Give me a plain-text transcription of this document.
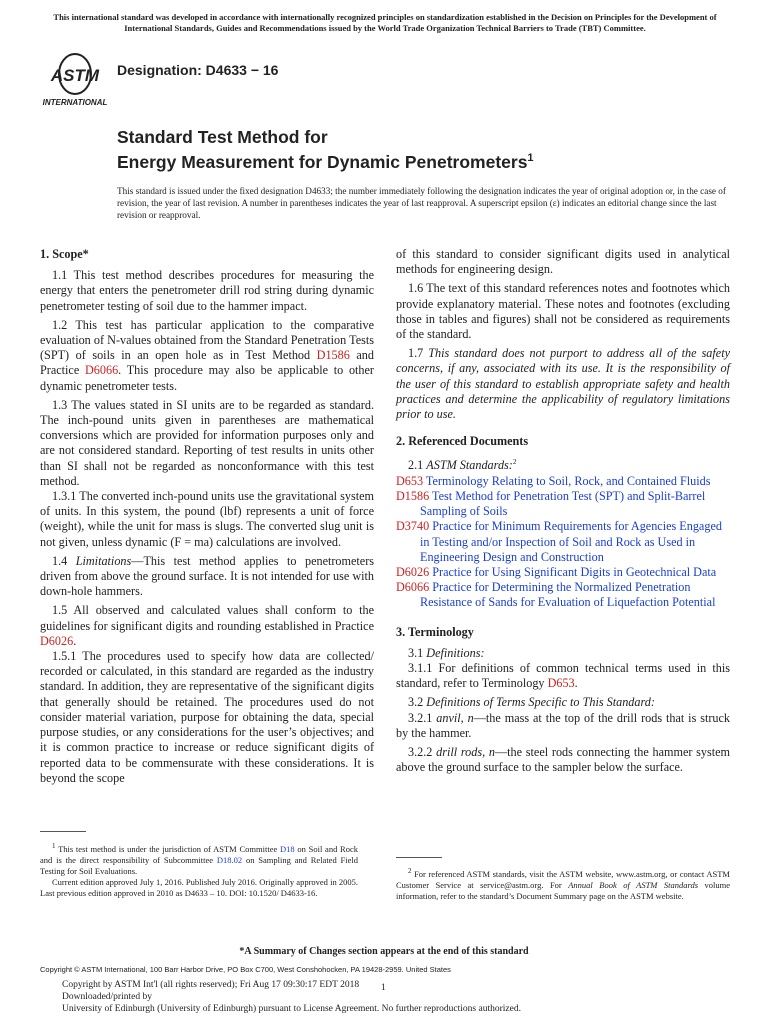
This international standard was developed in accordance with internationally recognized principles on standardization established in the Decision on Principles for the Development of International Standards, Guides and Recommendations issued by the World Trade Organization Technical Barriers to Trade (TBT) Committee.
ASTM
INTERNATIONAL
Designation: D4633 − 16
Standard Test Method for
Energy Measurement for Dynamic Penetrometers$^1$
This standard is issued under the fixed designation D4633; the number immediately following the designation indicates the year of original adoption or, in the case of revision, the year of last revision. A number in parentheses indicates the year of last reapproval. A superscript epsilon (ε) indicates an editorial change since the last revision or reapproval.

1. Scope*

1.1 This test method describes procedures for measuring the energy that enters the penetrometer drill rod string during dynamic penetrometer testing of soil due to the hammer impact.

1.2 This test has particular application to the comparative evaluation of N-values obtained from the Standard Penetration Tests (SPT) of soils in an open hole as in Test Method D1586 and Practice D6066. This procedure may also be applicable to other dynamic penetrometer tests.

1.3 The values stated in SI units are to be regarded as standard. The inch-pound units given in parentheses are mathematical conversions which are provided for information purposes only and are not considered standard. Reporting of test results in units other than SI shall not be regarded as nonconformance with this test method.

1.3.1 The converted inch-pound units use the gravitational system of units. In this system, the pound (lbf) represents a unit of force (weight), while the unit for mass is slugs. The converted slug unit is not given, unless dynamic (F = ma) calculations are involved.

1.4 Limitations—This test method applies to penetrometers driven from above the ground surface. It is not intended for use with down-hole hammers.

1.5 All observed and calculated values shall conform to the guidelines for significant digits and rounding established in Practice D6026.

1.5.1 The procedures used to specify how data are collected/ recorded or calculated, in this standard are regarded as the industry standard. In addition, they are representative of the significant digits that generally should be retained. The procedures used do not consider material variation, purpose for obtaining the data, special purpose studies, or any considerations for the user’s objectives; and it is common practice to increase or reduce significant digits of reported data to be commensurate with these considerations. It is beyond the scope

of this standard to consider significant digits used in analytical methods for engineering design.

1.6 The text of this standard references notes and footnotes which provide explanatory material. These notes and footnotes (excluding those in tables and figures) shall not be considered as requirements of the standard.

1.7 This standard does not purport to address all of the safety concerns, if any, associated with its use. It is the responsibility of the user of this standard to establish appropriate safety and health practices and determine the applicability of regulatory limitations prior to use.

2. Referenced Documents

2.1 ASTM Standards:$^2$

D653 Terminology Relating to Soil, Rock, and Contained Fluids

D1586 Test Method for Penetration Test (SPT) and Split-Barrel Sampling of Soils

D3740 Practice for Minimum Requirements for Agencies Engaged in Testing and/or Inspection of Soil and Rock as Used in Engineering Design and Construction

D6026 Practice for Using Significant Digits in Geotechnical Data

D6066 Practice for Determining the Normalized Penetration Resistance of Sands for Evaluation of Liquefaction Potential

3. Terminology

3.1 Definitions:

3.1.1 For definitions of common technical terms used in this standard, refer to Terminology D653.

3.2 Definitions of Terms Specific to This Standard:

3.2.1 anvil, n—the mass at the top of the drill rods that is struck by the hammer.

3.2.2 drill rods, n—the steel rods connecting the hammer system above the ground surface to the sampler below the surface.

$^1$ This test method is under the jurisdiction of ASTM Committee D18 on Soil and Rock and is the direct responsibility of Subcommittee D18.02 on Sampling and Related Field Testing for Soil Evaluations.

Current edition approved July 1, 2016. Published July 2016. Originally approved in 2005. Last previous edition approved in 2010 as D4633 – 10. DOI: 10.1520/ D4633-16.

$^2$ For referenced ASTM standards, visit the ASTM website, www.astm.org, or contact ASTM Customer Service at service@astm.org. For Annual Book of ASTM Standards volume information, refer to the standard’s Document Summary page on the ASTM website.

*A Summary of Changes section appears at the end of this standard
Copyright © ASTM International, 100 Barr Harbor Drive, PO Box C700, West Conshohocken, PA 19428-2959. United States
Copyright by ASTM Int'l (all rights reserved); Fri Aug 17 09:30:17 EDT 2018
Downloaded/printed by
University of Edinburgh (University of Edinburgh) pursuant to License Agreement. No further reproductions authorized.
1
